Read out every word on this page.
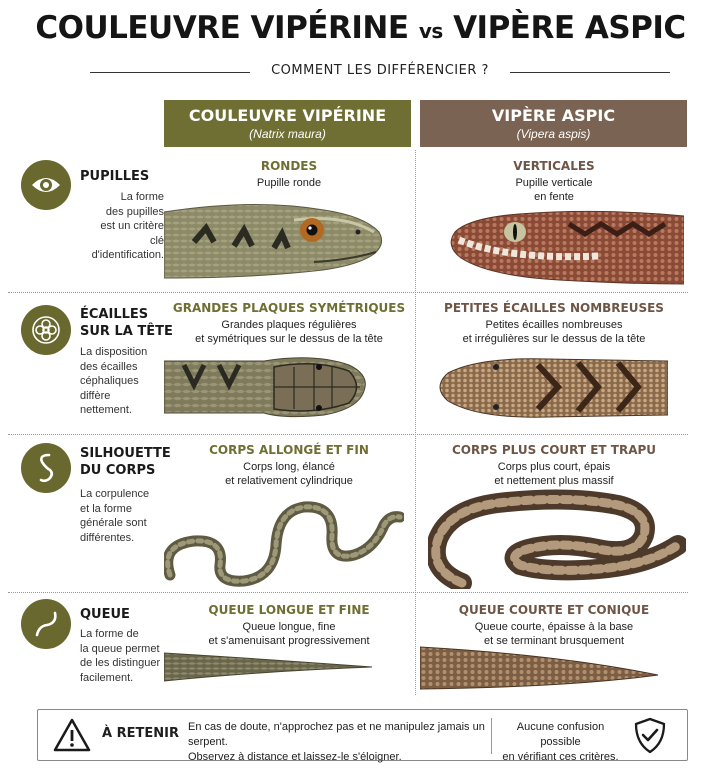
COULEUVRE VIPÉRINE vs VIPÈRE ASPIC
COMMENT LES DIFFÉRENCIER ?
COULEUVRE VIPÉRINE
(Natrix maura)
VIPÈRE ASPIC
(Vipera aspis)
PUPILLES
La forme
des pupilles
est un critère
clé d'identification.
RONDES
Pupille ronde
VERTICALES
Pupille verticale
en fente
ÉCAILLES
SUR LA TÊTE
La disposition
des écailles
céphaliques
diffère nettement.
GRANDES PLAQUES SYMÉTRIQUES
Grandes plaques régulières
et symétriques sur le dessus de la tête
PETITES ÉCAILLES NOMBREUSES
Petites écailles nombreuses
et irrégulières sur le dessus de la tête
SILHOUETTE
DU CORPS
La corpulence
et la forme
générale sont
différentes.
CORPS ALLONGÉ ET FIN
Corps long, élancé
et relativement cylindrique
CORPS PLUS COURT ET TRAPU
Corps plus court, épais
et nettement plus massif
QUEUE
La forme de
la queue permet
de les distinguer
facilement.
QUEUE LONGUE ET FINE
Queue longue, fine
et s'amenuisant progressivement
QUEUE COURTE ET CONIQUE
Queue courte, épaisse à la base
et se terminant brusquement
À RETENIR En cas de doute, n'approchez pas et ne manipulez jamais un serpent.
Observez à distance et laissez-le s'éloigner.
Aucune confusion possible
en vérifiant ces critères.
